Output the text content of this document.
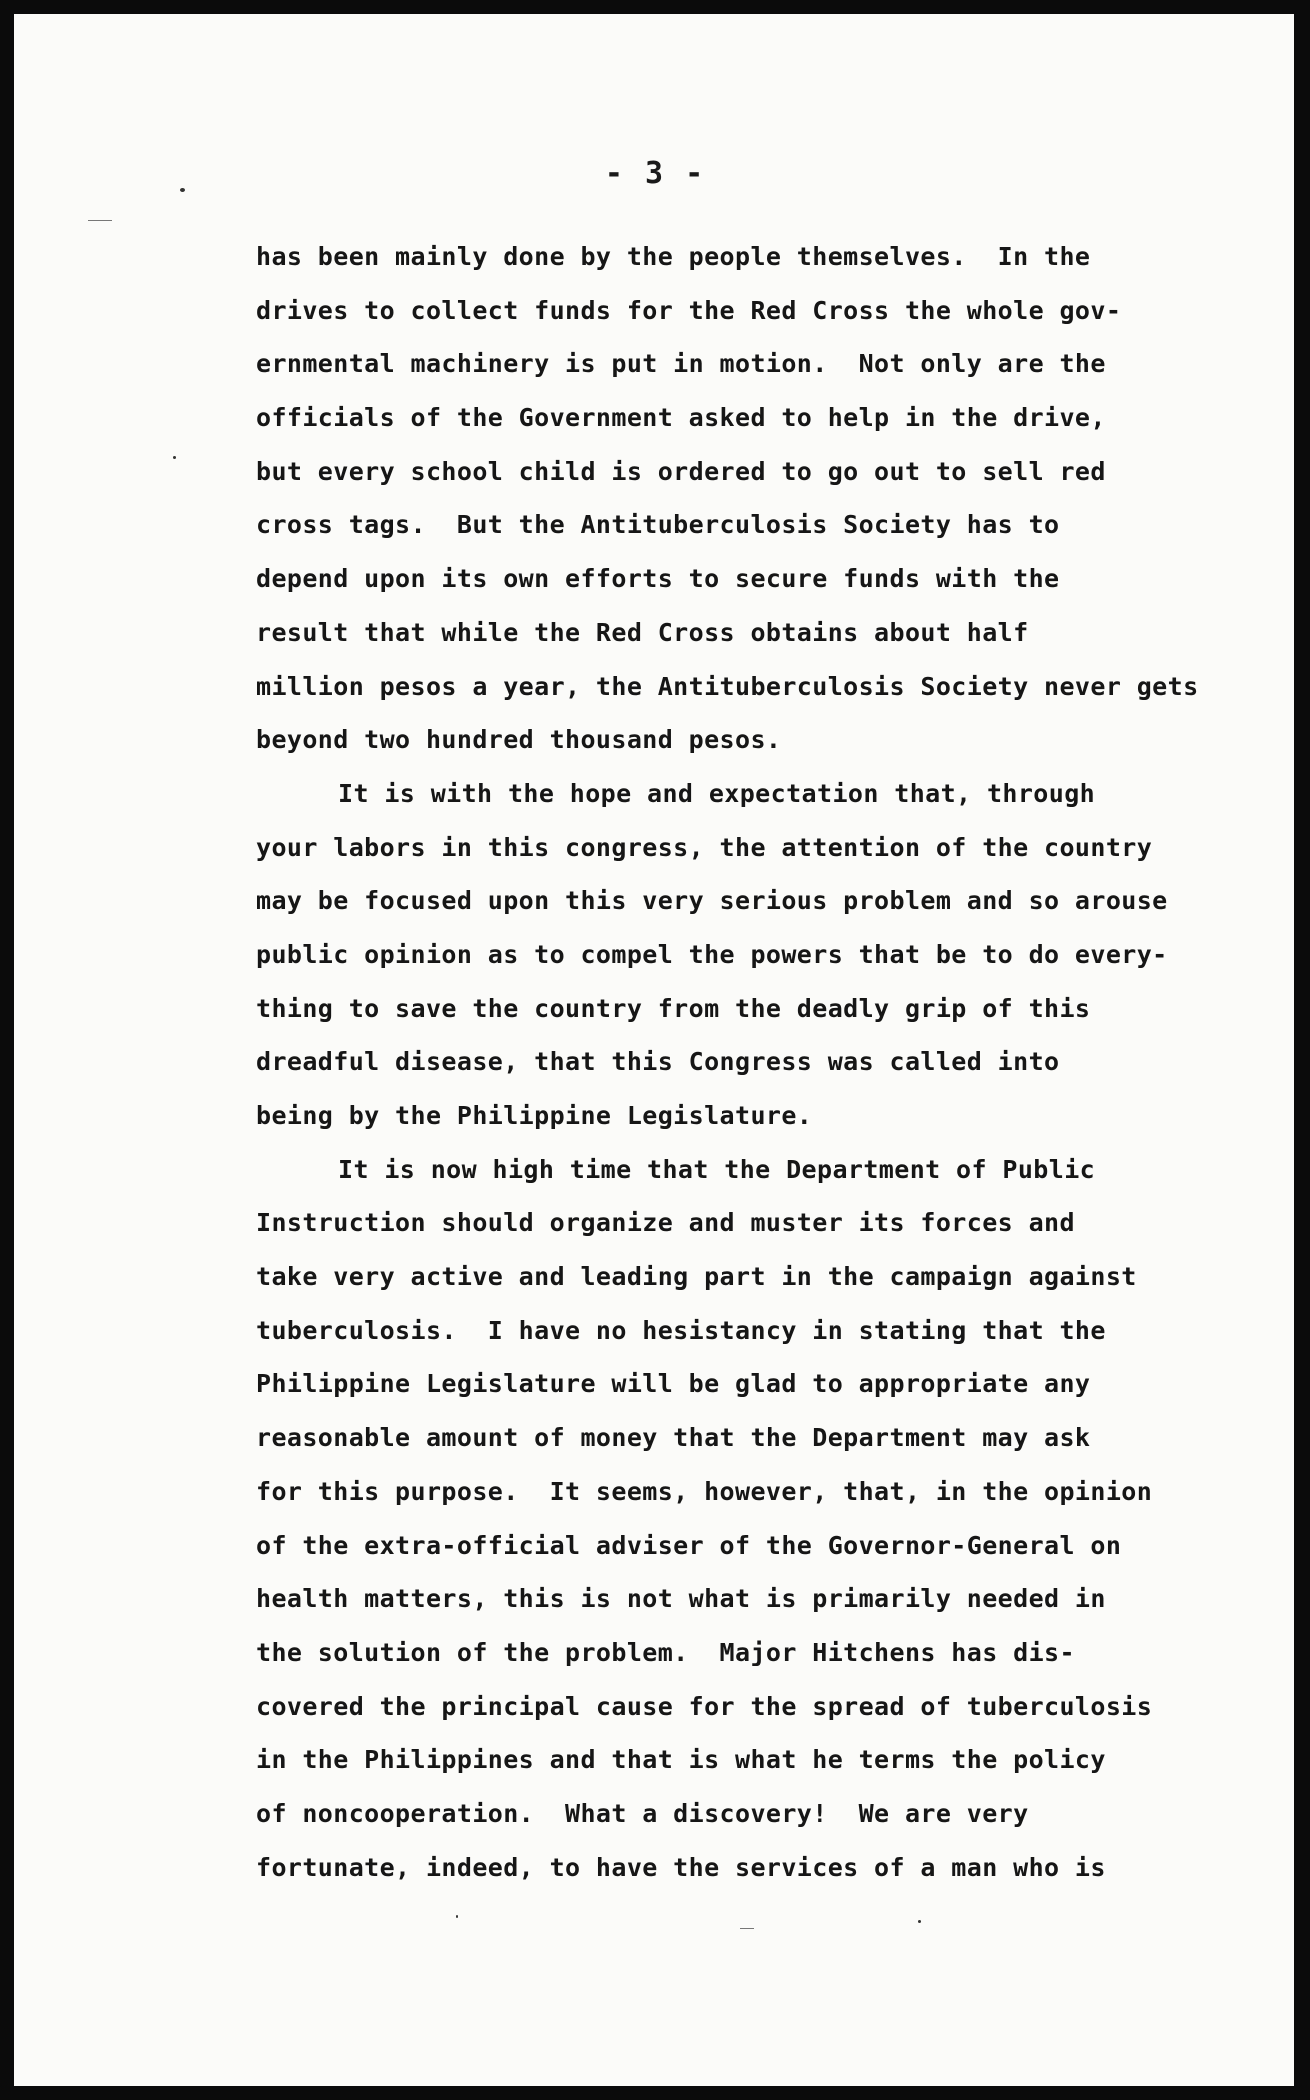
- 3 -
has been mainly done by the people themselves.  In the
drives to collect funds for the Red Cross the whole gov-
ernmental machinery is put in motion.  Not only are the
officials of the Government asked to help in the drive,
but every school child is ordered to go out to sell red
cross tags.  But the Antituberculosis Society has to
depend upon its own efforts to secure funds with the
result that while the Red Cross obtains about half
million pesos a year, the Antituberculosis Society never gets
beyond two hundred thousand pesos.
It is with the hope and expectation that, through
your labors in this congress, the attention of the country
may be focused upon this very serious problem and so arouse
public opinion as to compel the powers that be to do every-
thing to save the country from the deadly grip of this
dreadful disease, that this Congress was called into
being by the Philippine Legislature.
It is now high time that the Department of Public
Instruction should organize and muster its forces and
take very active and leading part in the campaign against
tuberculosis.  I have no hesistancy in stating that the
Philippine Legislature will be glad to appropriate any
reasonable amount of money that the Department may ask
for this purpose.  It seems, however, that, in the opinion
of the extra-official adviser of the Governor-General on
health matters, this is not what is primarily needed in
the solution of the problem.  Major Hitchens has dis-
covered the principal cause for the spread of tuberculosis
in the Philippines and that is what he terms the policy
of noncooperation.  What a discovery!  We are very
fortunate, indeed, to have the services of a man who is
